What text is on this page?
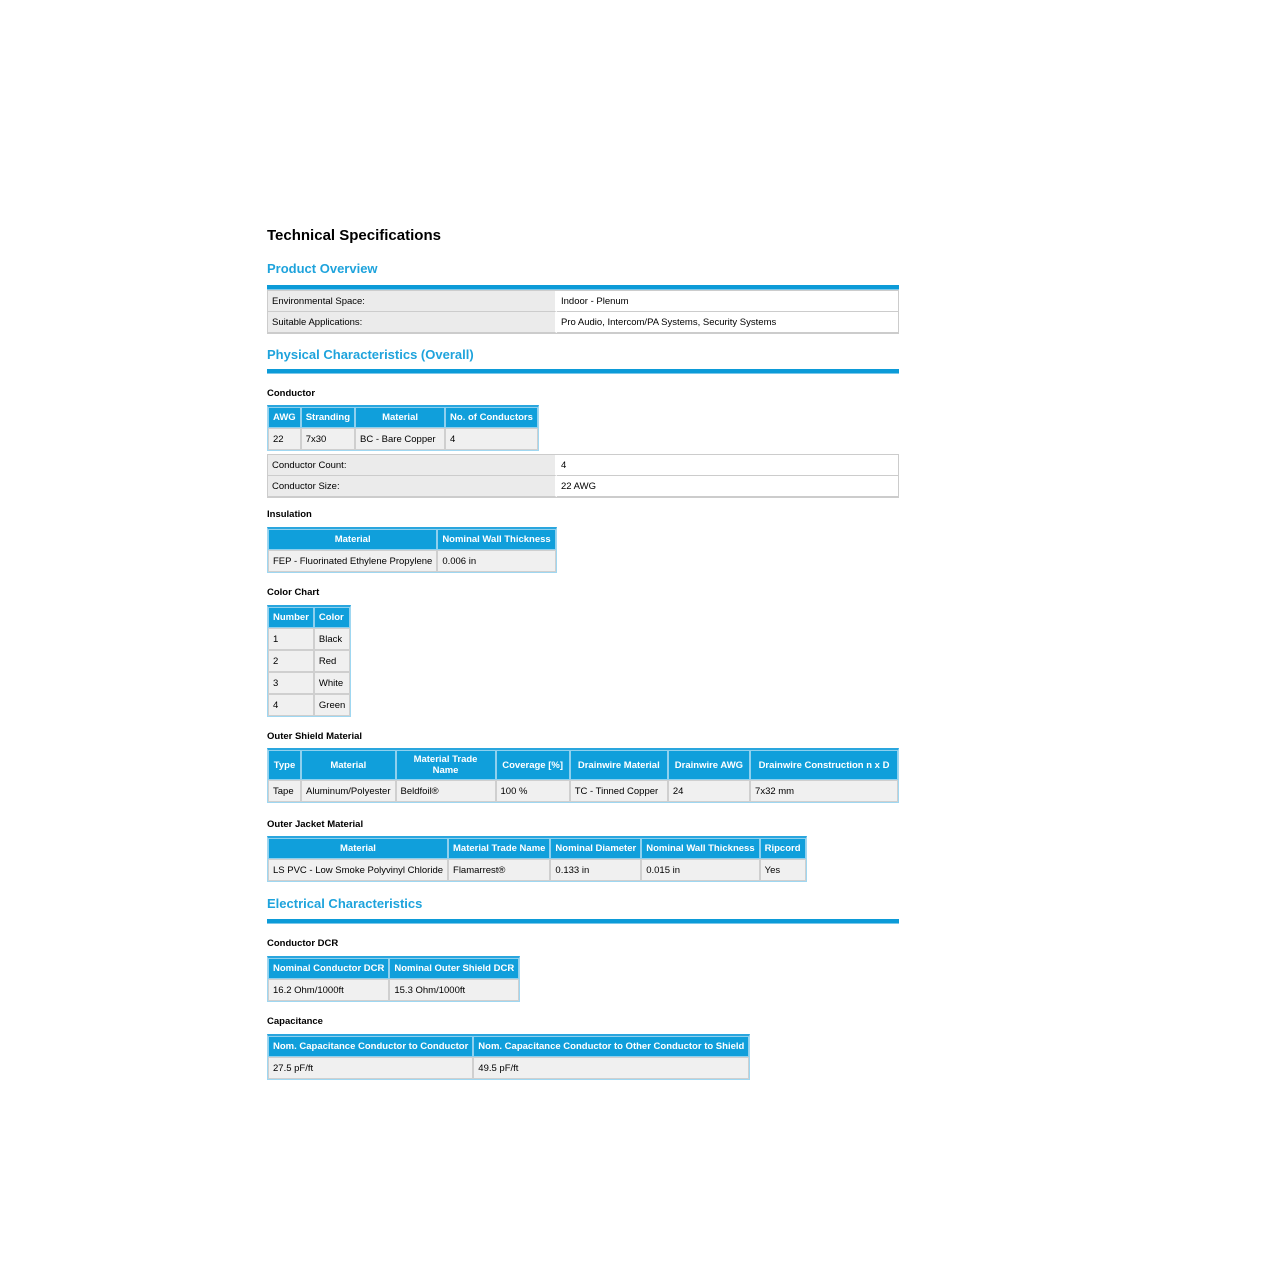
Technical Specifications
Product Overview
Environmental Space:	Indoor - Plenum
Suitable Applications:	Pro Audio, Intercom/PA Systems, Security Systems
Physical Characteristics (Overall)

Conductor

AWG	Stranding	Material	No. of Conductors
22	7x30	BC - Bare Copper	4
Conductor Count:	4
Conductor Size:	22 AWG

Insulation

Material	Nominal Wall Thickness
FEP - Fluorinated Ethylene Propylene	0.006 in

Color Chart

Number	Color
1	Black
2	Red
3	White
4	Green

Outer Shield Material

Type	Material	Material Trade Name	Coverage [%]	Drainwire Material	Drainwire AWG	Drainwire Construction n x D
Tape	Aluminum/Polyester	Beldfoil®	100 %	TC - Tinned Copper	24	7x32 mm

Outer Jacket Material

Material	Material Trade Name	Nominal Diameter	Nominal Wall Thickness	Ripcord
LS PVC - Low Smoke Polyvinyl Chloride	Flamarrest®	0.133 in	0.015 in	Yes
Electrical Characteristics

Conductor DCR

Nominal Conductor DCR	Nominal Outer Shield DCR
16.2 Ohm/1000ft	15.3 Ohm/1000ft

Capacitance

Nom. Capacitance Conductor to Conductor	Nom. Capacitance Conductor to Other Conductor to Shield
27.5 pF/ft	49.5 pF/ft
